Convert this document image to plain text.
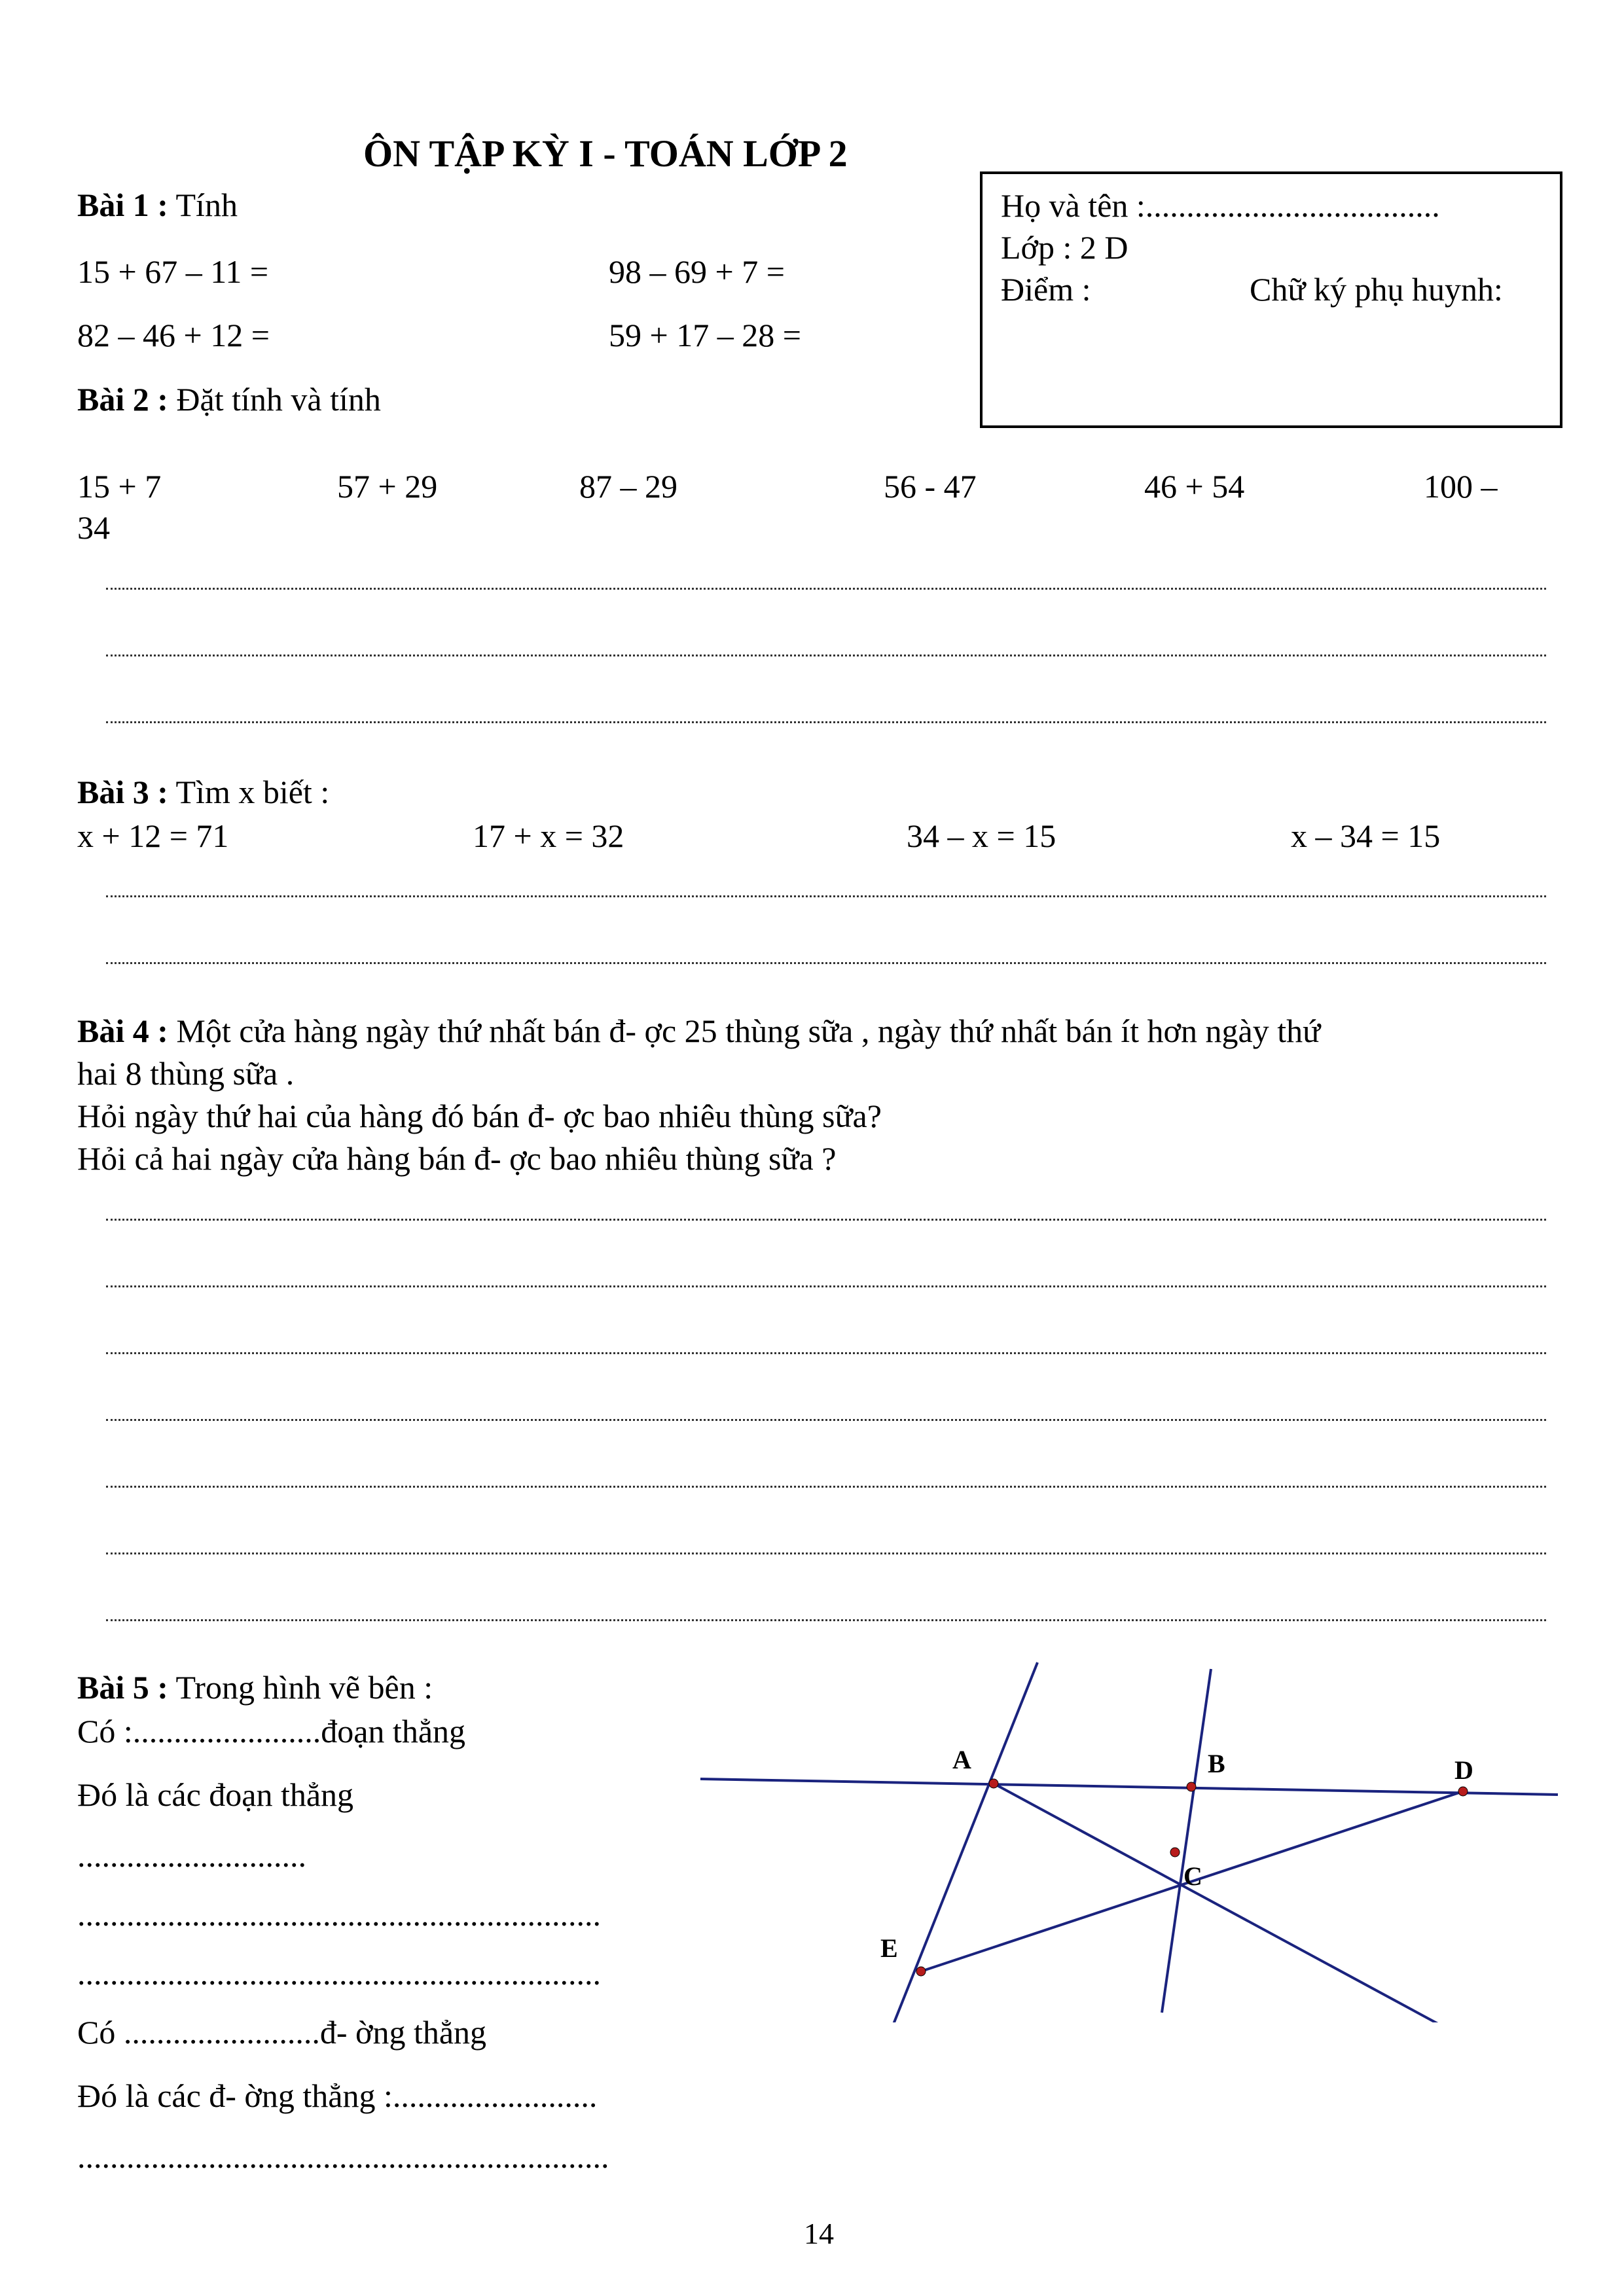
ÔN TẬP KỲ I - TOÁN LỚP 2
Họ và tên :....................................
Lớp : 2 D
Điểm :	Chữ ký phụ huynh:
Bài 1 : Tính
15 + 67 – 11 =	98 – 69 + 7 =
82 – 46 + 12 =	59 + 17 – 28 =
Bài 2 : Đặt tính và tính
15 + 7	57 + 29	87 – 29	56 - 47	46 + 54	100 –
34
Bài 3 : Tìm x biết :
x + 12 = 71	17 + x = 32	34 – x = 15	x – 34 = 15
Bài 4 : Một cửa hàng ngày thứ nhất bán đ- ợc 25 thùng sữa , ngày thứ nhất bán ít hơn ngày thứ
hai 8 thùng sữa .
Hỏi ngày thứ hai của hàng đó bán đ- ợc bao nhiêu thùng sữa?
Hỏi cả hai ngày cửa hàng bán đ- ợc bao nhiêu thùng sữa ?
Bài 5 : Trong hình vẽ bên :
Có :.......................đoạn thẳng
Đó là các đoạn thẳng
............................
................................................................
................................................................
Có ........................đ- ờng thẳng
Đó là các đ- ờng thẳng :.........................
.................................................................
A	B	D
C
E
14
